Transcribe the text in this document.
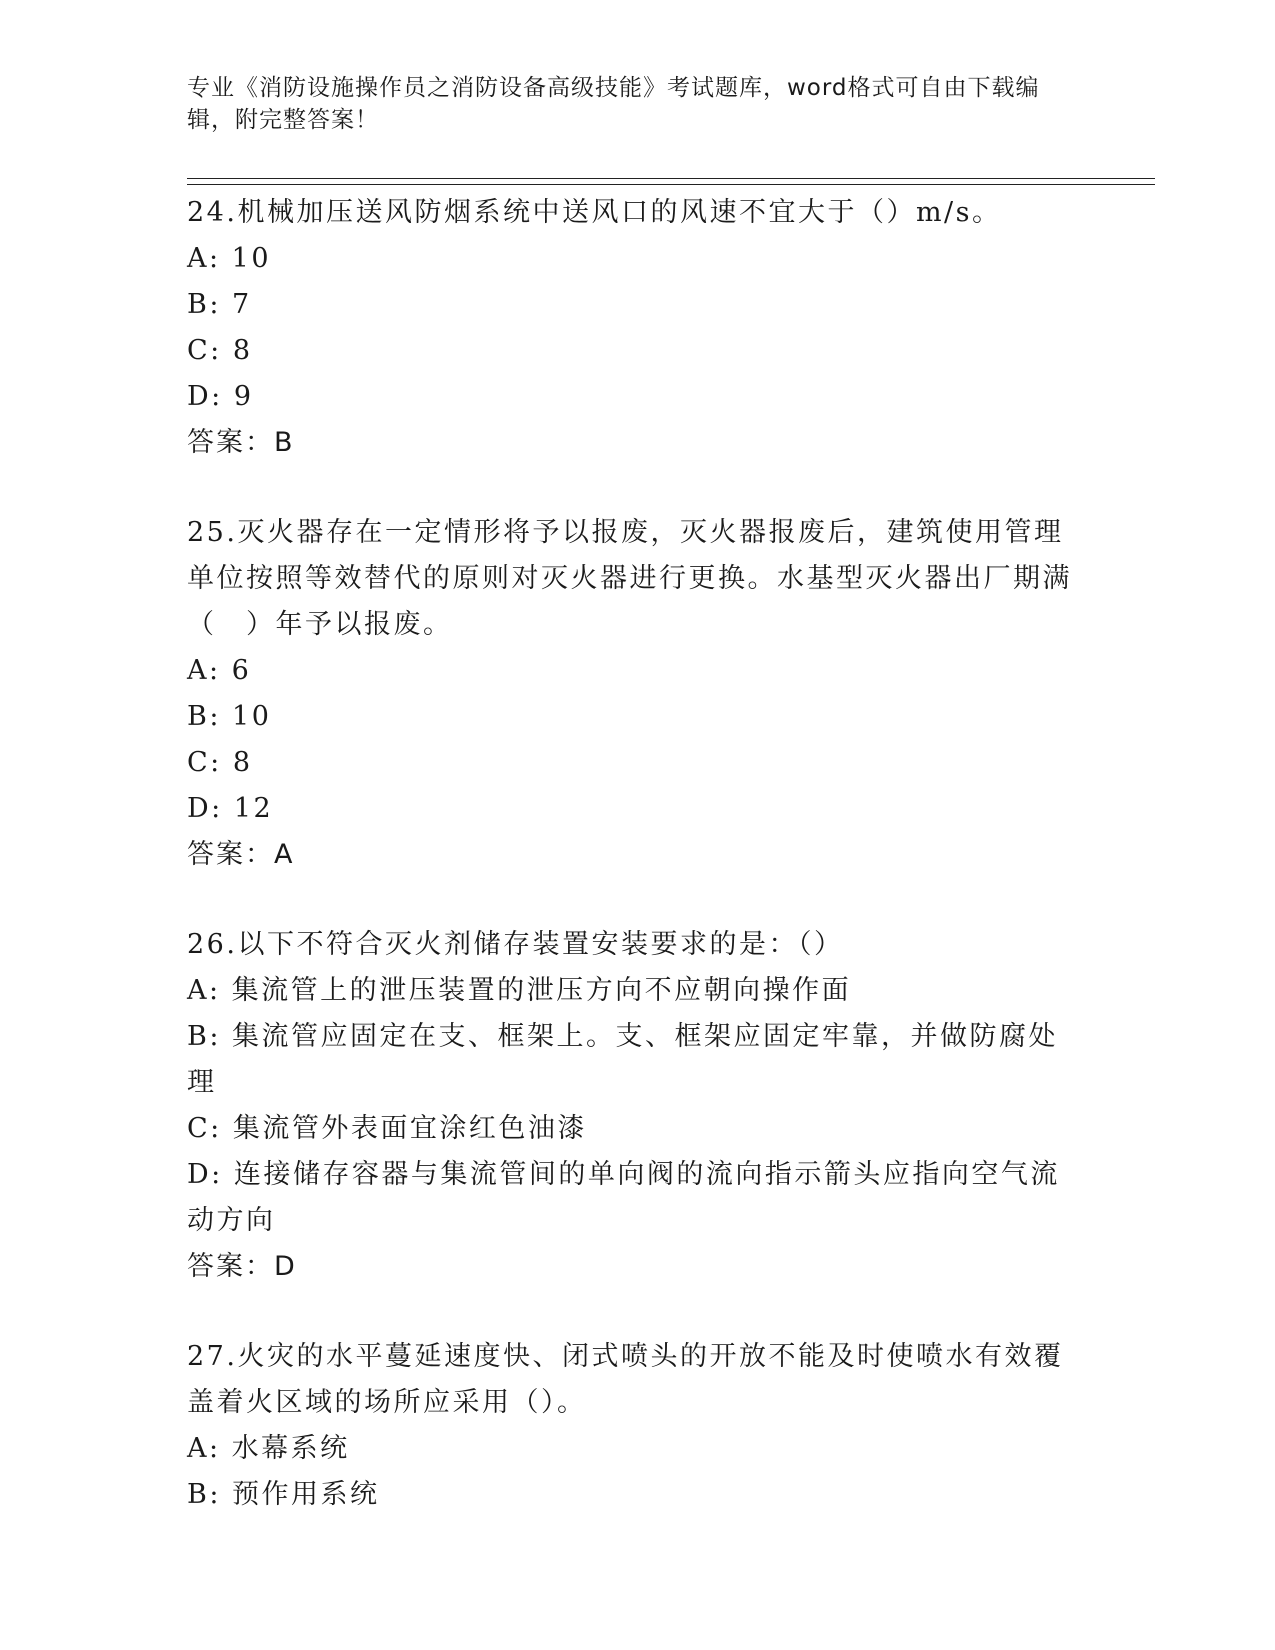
专业《消防设施操作员之消防设备高级技能》考试题库，word格式可自由下载编辑，附完整答案！

24.机械加压送风防烟系统中送风口的风速不宜大于（）m/s。

A: 10

B: 7

C: 8

D: 9

答案：B

25.灭火器存在一定情形将予以报废，灭火器报废后，建筑使用管理单位按照等效替代的原则对灭火器进行更换。水基型灭火器出厂期满（　）年予以报废。

A: 6

B: 10

C: 8

D: 12

答案：A

26.以下不符合灭火剂储存装置安装要求的是：（）

A: 集流管上的泄压装置的泄压方向不应朝向操作面

B: 集流管应固定在支、框架上。支、框架应固定牢靠，并做防腐处理

C: 集流管外表面宜涂红色油漆

D: 连接储存容器与集流管间的单向阀的流向指示箭头应指向空气流动方向

答案：D

27.火灾的水平蔓延速度快、闭式喷头的开放不能及时使喷水有效覆盖着火区域的场所应采用（）。

A: 水幕系统

B: 预作用系统
